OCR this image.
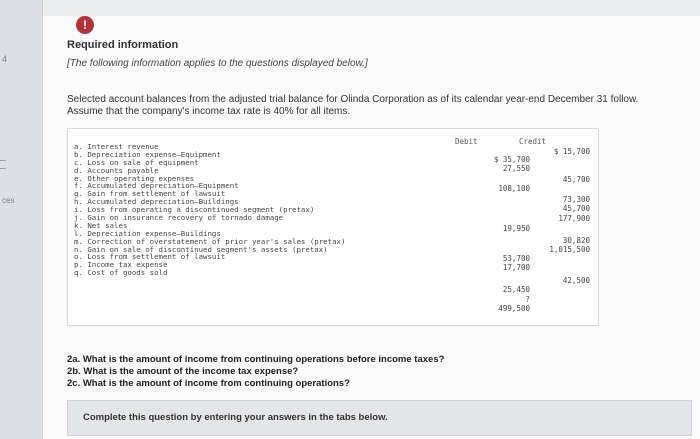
4
ces
!
Required information
[The following information applies to the questions displayed below.]
Selected account balances from the adjusted trial balance for Olinda Corporation as of its calendar year-end December 31 follow. Assume that the company's income tax rate is 40% for all items.
Debit	Credit
a. Interest revenue
b. Depreciation expense—Equipment
c. Loss on sale of equipment
d. Accounts payable
e. Other operating expenses
f. Accumulated depreciation—Equipment
g. Gain from settlement of lawsuit
h. Accumulated depreciation—Buildings
i. Loss from operating a discontinued segment (pretax)
j. Gain on insurance recovery of tornado damage
k. Net sales
l. Depreciation expense—Buildings
m. Correction of overstatement of prior year's sales (pretax)
n. Gain on sale of discontinued segment's assets (pretax)
o. Loss from settlement of lawsuit
p. Income tax expense
q. Cost of goods sold
$ 15,700
$ 35,700
27,550
45,700
108,100
73,300
45,700
177,900
19,950
30,820
1,015,500
53,700
17,700
42,500
25,450
?
499,500
2a. What is the amount of income from continuing operations before income taxes?
2b. What is the amount of the income tax expense?
2c. What is the amount of income from continuing operations?
Complete this question by entering your answers in the tabs below.
